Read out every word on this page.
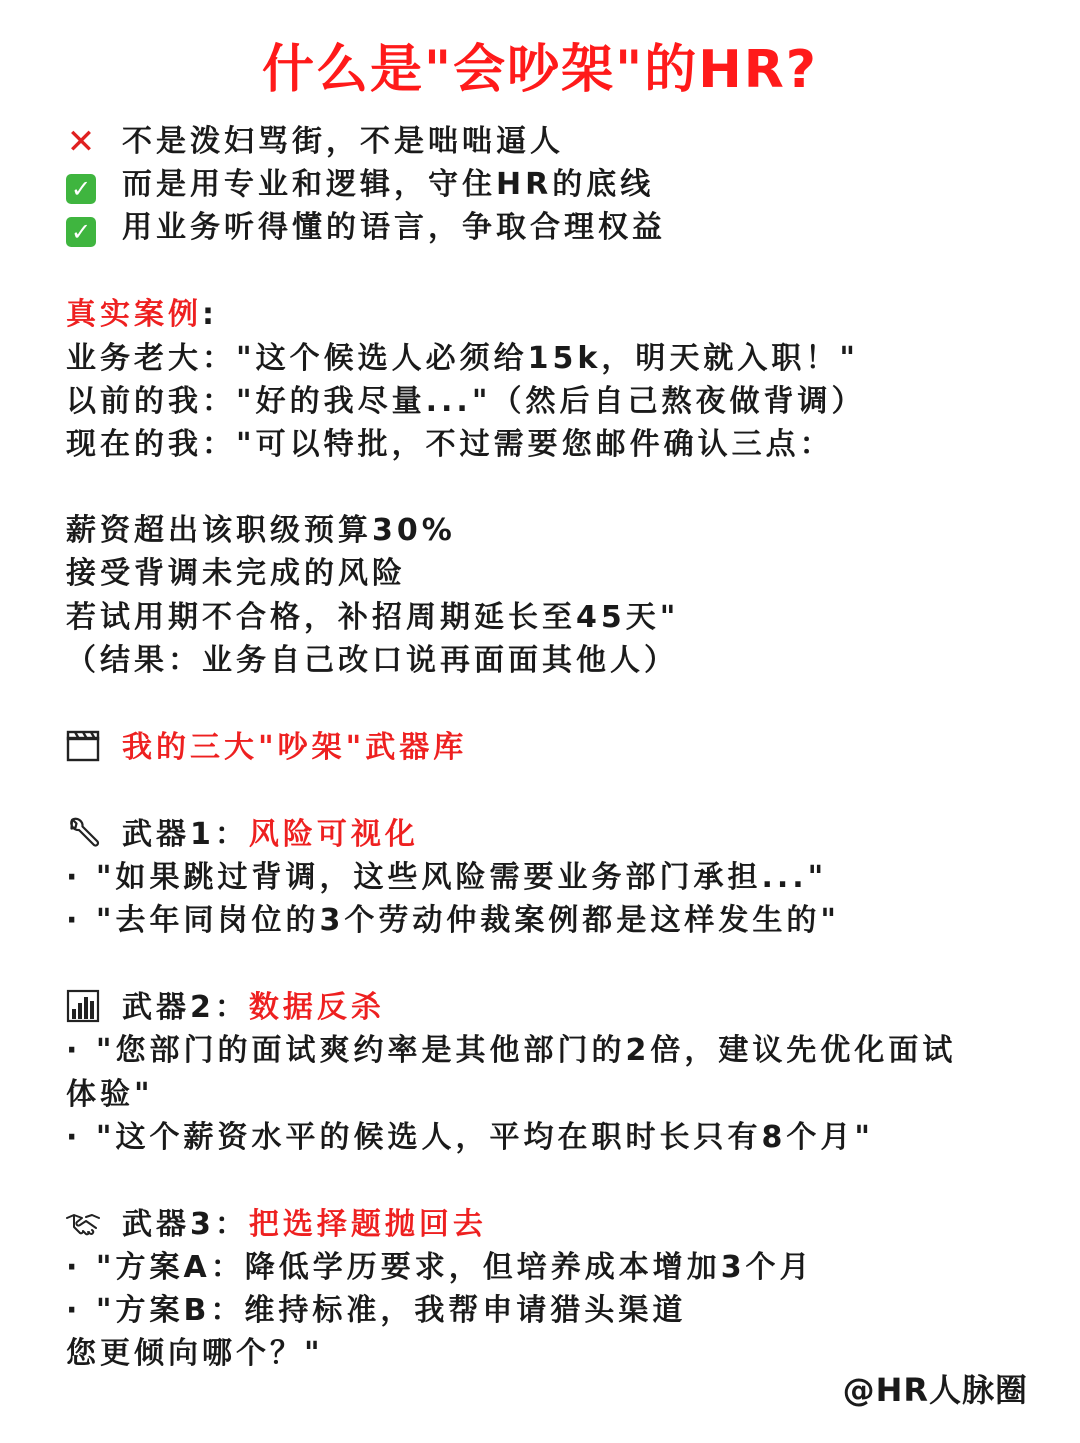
什么是"会吵架"的HR?
✕ 不是泼妇骂街，不是咄咄逼人
✓ 而是用专业和逻辑，守住HR的底线
✓ 用业务听得懂的语言，争取合理权益
真实案例:
业务老大："这个候选人必须给15k，明天就入职！"
以前的我："好的我尽量..."（然后自己熬夜做背调）
现在的我："可以特批，不过需要您邮件确认三点：
薪资超出该职级预算30%
接受背调未完成的风险
若试用期不合格，补招周期延长至45天"
（结果：业务自己改口说再面面其他人）
我的三大"吵架"武器库
武器1：风险可视化
· "如果跳过背调，这些风险需要业务部门承担..."
· "去年同岗位的3个劳动仲裁案例都是这样发生的"
武器2：数据反杀
· "您部门的面试爽约率是其他部门的2倍，建议先优化面试
体验"
· "这个薪资水平的候选人，平均在职时长只有8个月"
武器3：把选择题抛回去
· "方案A：降低学历要求，但培养成本增加3个月
· "方案B：维持标准，我帮申请猎头渠道
您更倾向哪个？"
@HR人脉圈
